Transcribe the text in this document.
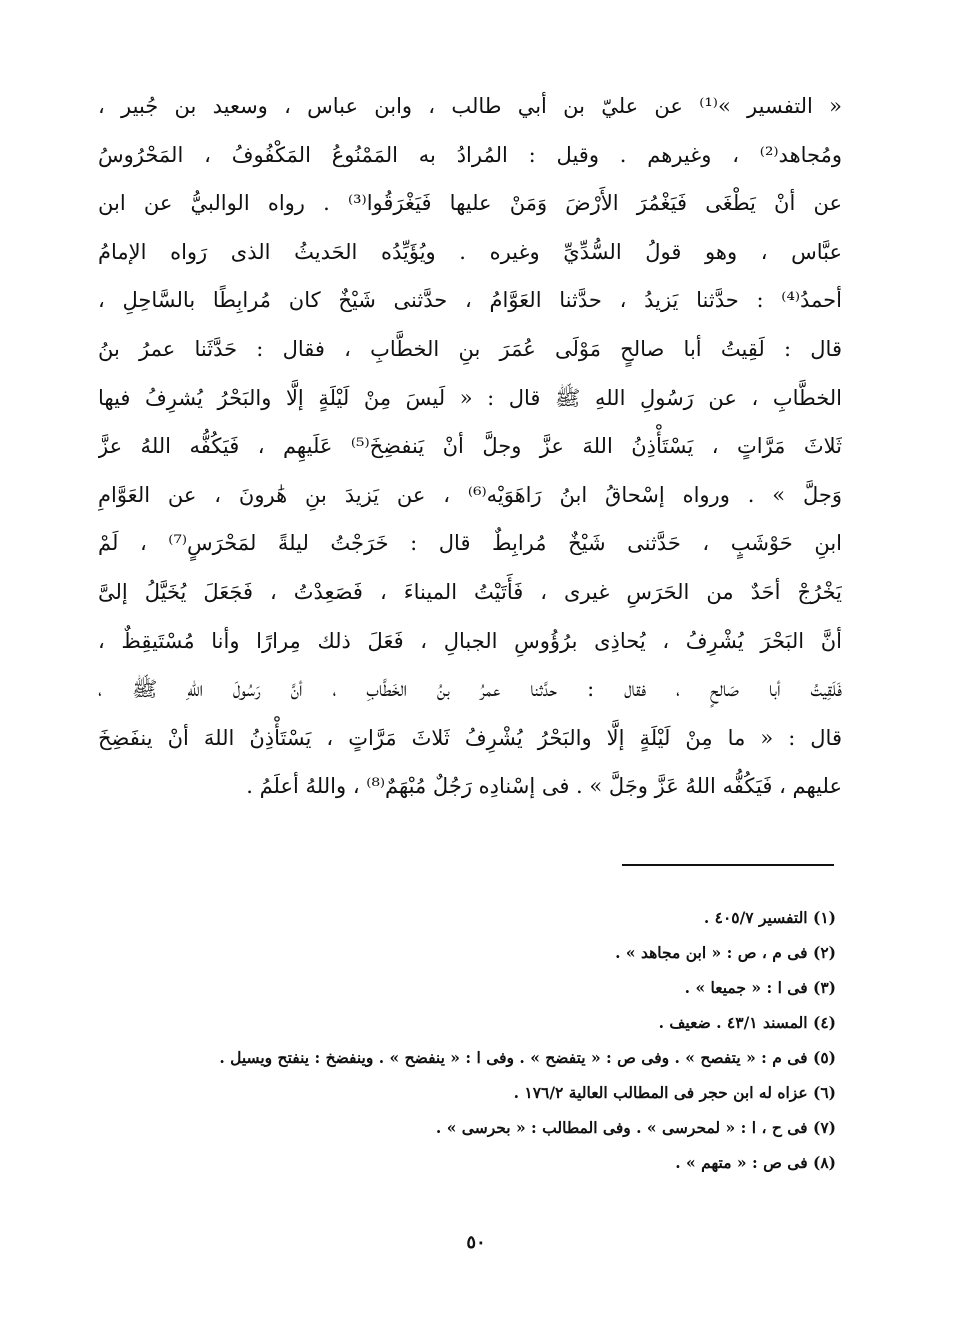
« التفسير »⁽¹⁾ عن عليّ بن أبي طالب ، وابن عباس ، وسعيد بن جُبير ،
ومُجاهد⁽²⁾ ، وغيرهم . وقيل : المُرادُ به المَمْنُوعُ المَكْفُوفُ ، المَحْرُوسُ
عن أنْ يَطْغَى فَيَغْمُرَ الأَرْضَ وَمَنْ عليها فَيَغْرَقُوا⁽³⁾ . رواه الوالبيُّ عن ابن
عبَّاس ، وهو قولُ السُّدِّيِّ وغيره . ويُؤَيِّدُه الحَديثُ الذى رَواه الإمامُ
أحمدُ⁽⁴⁾ : حدَّثنا يَزيدُ ، حدَّثنا العَوَّامُ ، حدَّثنى شَيْخٌ كان مُرابِطًا بالسَّاحِلِ ،
قال : لَقِيتُ أبا صالحٍ مَوْلَى عُمَرَ بنِ الخطَّابِ ، فقال : حَدَّثَنا عمرُ بنُ
الخطَّابِ ، عن رَسُولِ اللهِ ﷺ قال : « لَيسَ مِنْ لَيْلَةٍ إلَّا والبَحْرُ يُشرِفُ فيها
ثَلاثَ مَرَّاتٍ ، يَسْتَأْذِنُ اللهَ عزَّ وجلَّ أنْ يَنفضِخَ⁽⁵⁾ عَلَيهِم ، فَيَكُفُّه اللهُ عزَّ
وَجلَّ » . ورواه إسْحاقُ ابنُ رَاهَوَيْه⁽⁶⁾ ، عن يَزيدَ بنِ هَٰرونَ ، عن العَوَّامِ
ابنِ حَوْشَبٍ ، حَدَّثنى شَيْخٌ مُرابِطٌ قال : خَرَجْتُ ليلةً لمَحْرَسٍ⁽⁷⁾ ، لَمْ
يَخْرُجْ أحَدٌ من الحَرَسِ غيرى ، فَأَتَيْتُ الميناءَ ، فَصَعِدْتُ ، فَجَعَلَ يُخَيَّلُ إلىَّ
أنَّ البَحْرَ يُشْرِفُ ، يُحاذِى برُؤُوسِ الجبالِ ، فَعَلَ ذلك مِرارًا وأنا مُسْتَيقِظٌ ،
فَلَقِيتُ أبا صَالحٍ ، فقال : حدَّثنا عمرُ بنُ الخَطَّابِ ، أنَّ رَسُولَ اللهِ ﷺ ،
قال : « ما مِنْ لَيْلَةٍ إلَّا والبَحْرُ يُشْرِفُ ثَلاثَ مَرَّاتٍ ، يَسْتَأْذِنُ اللهَ أنْ ينفَضِخَ
عليهم ، فَيَكُفُّه اللهُ عَزَّ وجَلَّ » . فى إسْنادِه رَجُلٌ مُبْهَمٌ⁽⁸⁾ ، واللهُ أعلَمُ .
(١) التفسير ٤٠٥/٧ .
(٢) فى م ، ص : « ابن مجاهد » .
(٣) فى ا : « جميعا » .
(٤) المسند ٤٣/١ . ضعيف .
(٥) فى م : « يتفصح » . وفى ص : « يتفضح » . وفى ا : « ينفضح » . وينفضخ : ينفتح ويسيل .
(٦) عزاه له ابن حجر فى المطالب العالية ١٧٦/٢ .
(٧) فى ح ، ا : « لمحرسى » . وفى المطالب : « بحرسى » .
(٨) فى ص : « متهم » .
٥٠
